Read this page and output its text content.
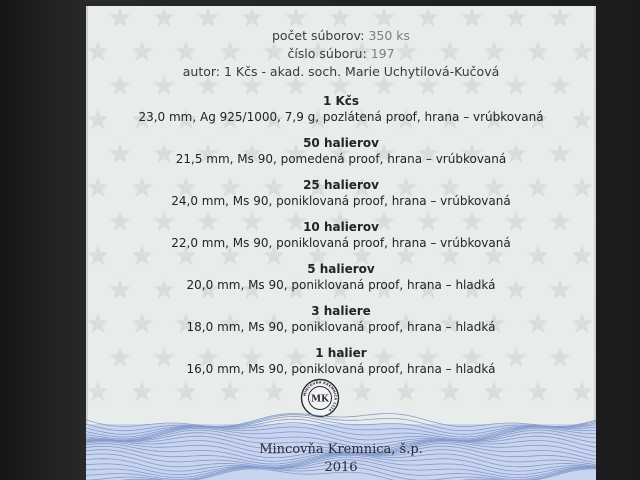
počet súborov: 350 ks

číslo súboru: 197

autor: 1 Kčs - akad. soch. Marie Uchytilová-Kučová

1 Kčs

23,0 mm, Ag 925/1000, 7,9 g, pozlátená proof, hrana – vrúbkovaná

50 halierov

21,5 mm, Ms 90, pomedená proof, hrana – vrúbkovaná

25 halierov

24,0 mm, Ms 90, poniklovaná proof, hrana – vrúbkovaná

10 halierov

22,0 mm, Ms 90, poniklovaná proof, hrana – vrúbkovaná

5 halierov

20,0 mm, Ms 90, poniklovaná proof, hrana – hladká

3 haliere

18,0 mm, Ms 90, poniklovaná proof, hrana – hladká

1 halier

16,0 mm, Ms 90, poniklovaná proof, hrana – hladká

MINCOVŇA KREMNICA 1328
MK

Mincovňa Kremnica, š.p.

2016
